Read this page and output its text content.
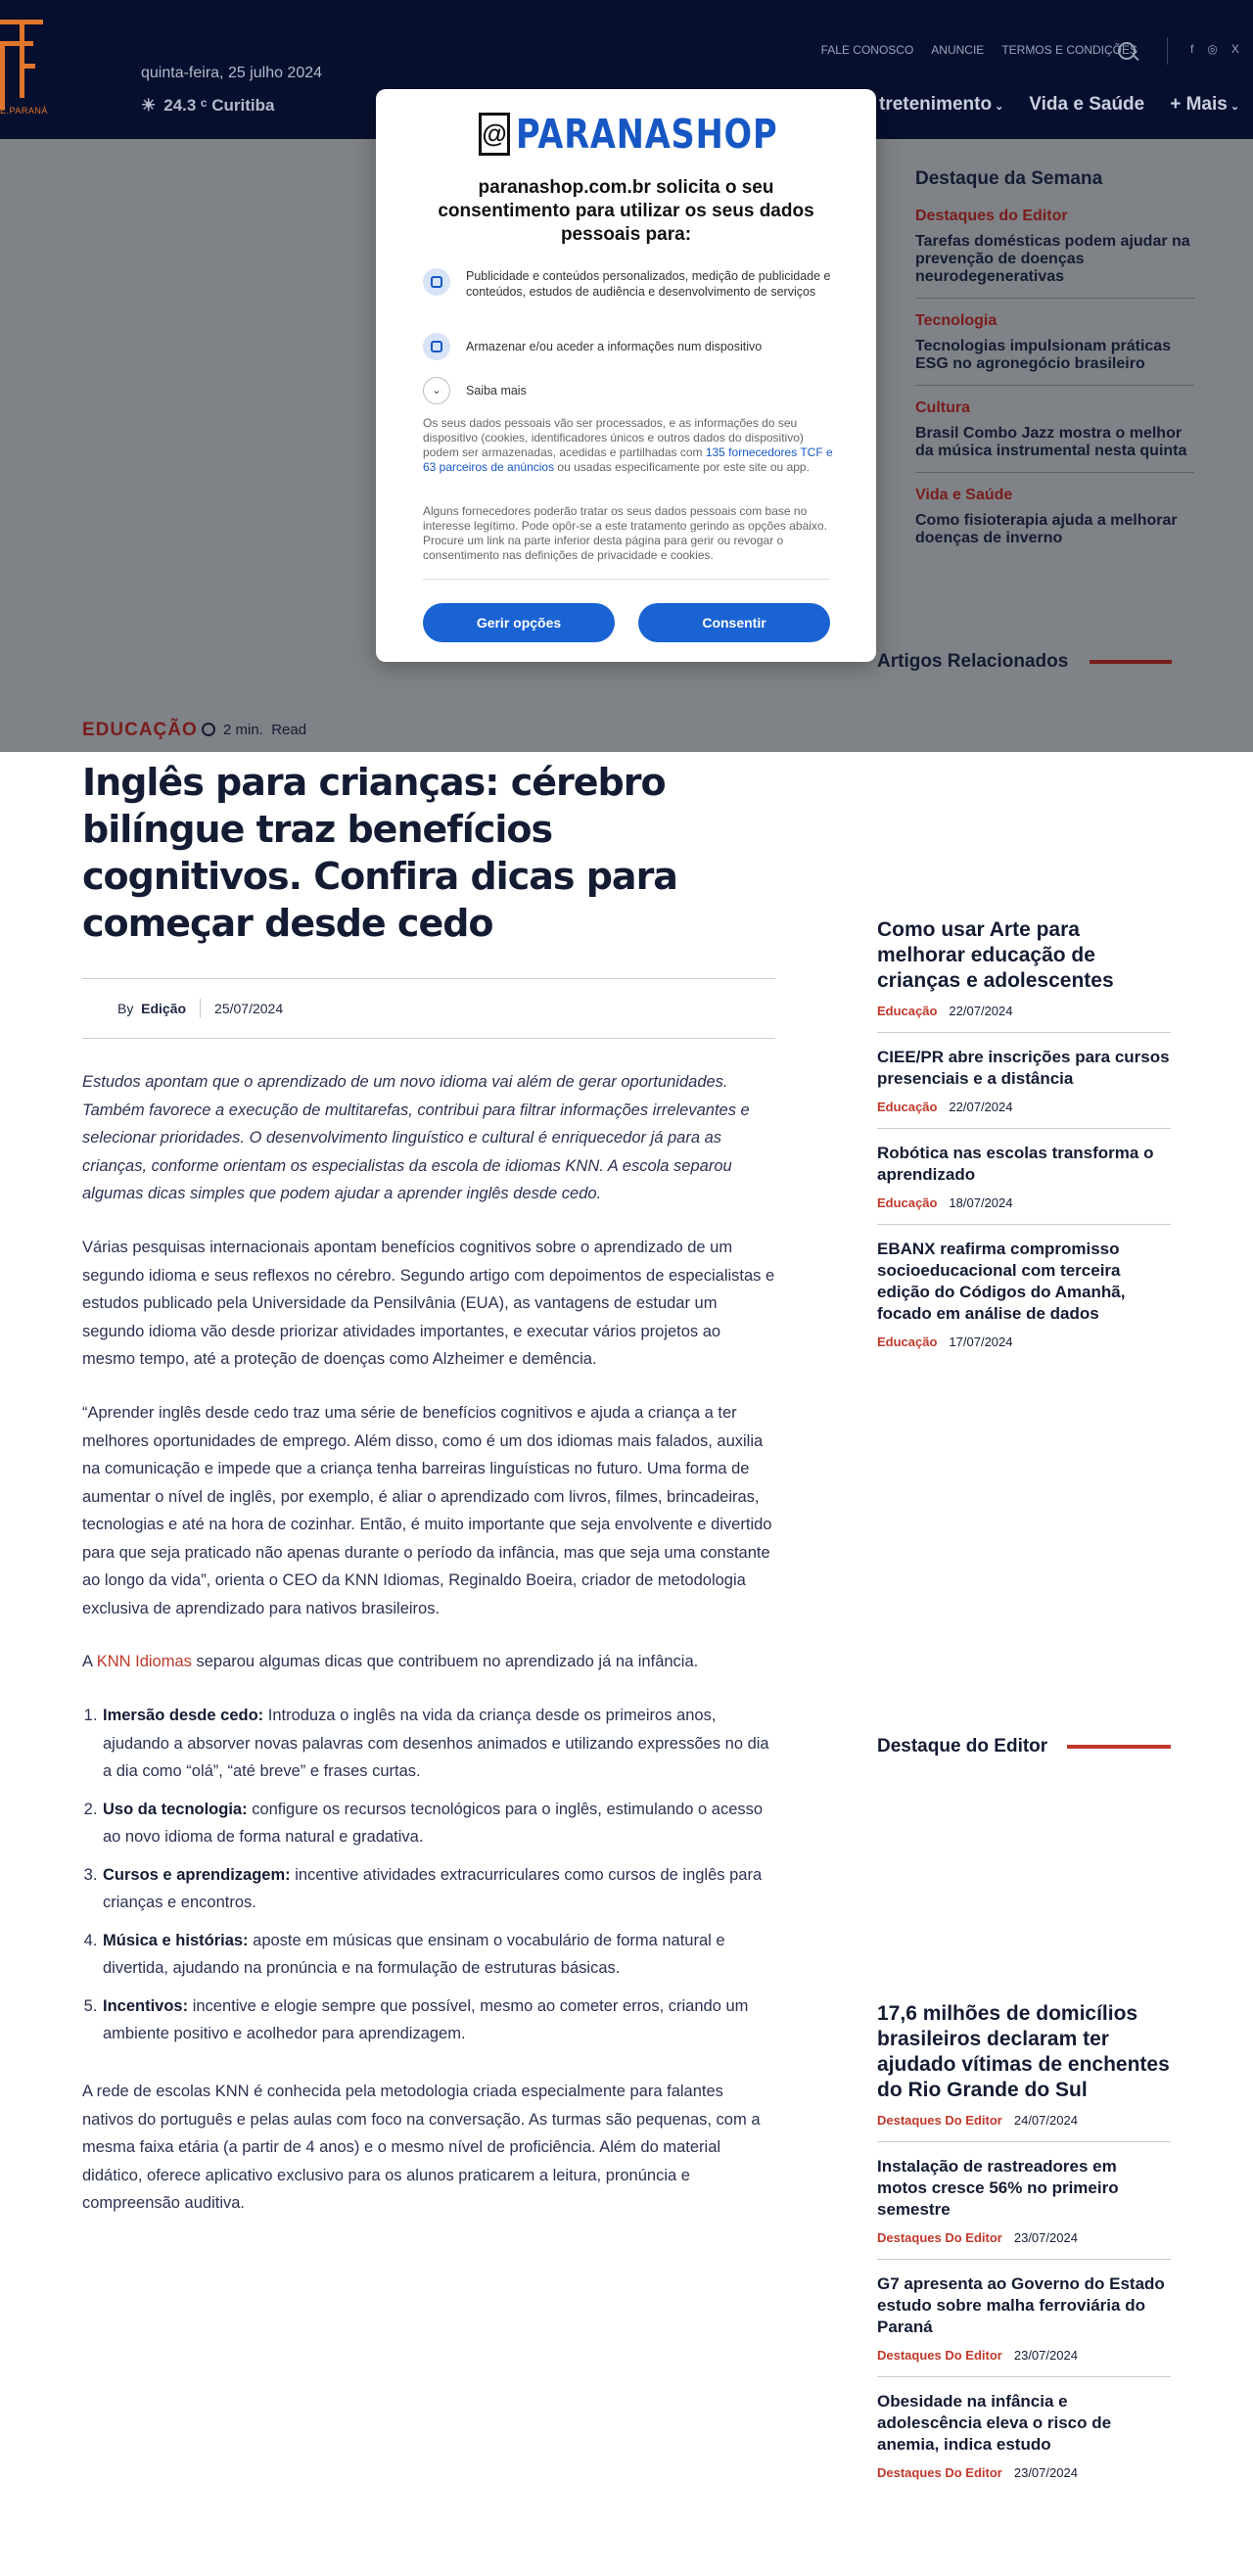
E.PARANÁ
quinta-feira, 25 julho 2024
☀ 24.3 ᶜ Curitiba
FALE CONOSCO ANUNCIE TERMOS E CONDIÇÕES	f ◎ X
tretenimento ⌄ Vida e Saúde + Mais ⌄
Destaque da Semana
Destaques do Editor
Tarefas domésticas podem ajudar na prevenção de doenças neurodegenerativas
Tecnologia
Tecnologias impulsionam práticas ESG no agronegócio brasileiro
Cultura
Brasil Combo Jazz mostra o melhor da música instrumental nesta quinta
Vida e Saúde
Como fisioterapia ajuda a melhorar doenças de inverno
Artigos Relacionados
EDUCAÇÃO	2 min. Read
@ PARANASHOP
paranashop.com.br solicita o seu consentimento para utilizar os seus dados pessoais para:
Publicidade e conteúdos personalizados, medição de publicidade e conteúdos, estudos de audiência e desenvolvimento de serviços
Armazenar e/ou aceder a informações num dispositivo
⌄	Saiba mais
Os seus dados pessoais vão ser processados, e as informações do seu dispositivo (cookies, identificadores únicos e outros dados do dispositivo) podem ser armazenadas, acedidas e partilhadas com 135 fornecedores TCF e 63 parceiros de anúncios ou usadas especificamente por este site ou app.
Alguns fornecedores poderão tratar os seus dados pessoais com base no interesse legítimo. Pode opôr-se a este tratamento gerindo as opções abaixo. Procure um link na parte inferior desta página para gerir ou revogar o consentimento nas definições de privacidade e cookies.
Gerir opções	Consentir
Inglês para crianças: cérebro bilíngue traz benefícios cognitivos. Confira dicas para começar desde cedo
By
Edição 25/07/2024

Estudos apontam que o aprendizado de um novo idioma vai além de gerar oportunidades. Também favorece a execução de multitarefas, contribui para filtrar informações irrelevantes e selecionar prioridades. O desenvolvimento linguístico e cultural é enriquecedor já para as crianças, conforme orientam os especialistas da escola de idiomas KNN. A escola separou algumas dicas simples que podem ajudar a aprender inglês desde cedo.

Várias pesquisas internacionais apontam benefícios cognitivos sobre o aprendizado de um segundo idioma e seus reflexos no cérebro. Segundo artigo com depoimentos de especialistas e estudos publicado pela Universidade da Pensilvânia (EUA), as vantagens de estudar um segundo idioma vão desde priorizar atividades importantes, e executar vários projetos ao mesmo tempo, até a proteção de doenças como Alzheimer e demência.

“Aprender inglês desde cedo traz uma série de benefícios cognitivos e ajuda a criança a ter melhores oportunidades de emprego. Além disso, como é um dos idiomas mais falados, auxilia na comunicação e impede que a criança tenha barreiras linguísticas no futuro. Uma forma de aumentar o nível de inglês, por exemplo, é aliar o aprendizado com livros, filmes, brincadeiras, tecnologias e até na hora de cozinhar. Então, é muito importante que seja envolvente e divertido para que seja praticado não apenas durante o período da infância, mas que seja uma constante ao longo da vida”, orienta o CEO da KNN Idiomas, Reginaldo Boeira, criador de metodologia exclusiva de aprendizado para nativos brasileiros.

A KNN Idiomas separou algumas dicas que contribuem no aprendizado já na infância.

1. Imersão desde cedo: Introduza o inglês na vida da criança desde os primeiros anos, ajudando a absorver novas palavras com desenhos animados e utilizando expressões no dia a dia como “olá”, “até breve” e frases curtas.
2. Uso da tecnologia: configure os recursos tecnológicos para o inglês, estimulando o acesso ao novo idioma de forma natural e gradativa.
3. Cursos e aprendizagem: incentive atividades extracurriculares como cursos de inglês para crianças e encontros.
4. Música e histórias: aposte em músicas que ensinam o vocabulário de forma natural e divertida, ajudando na pronúncia e na formulação de estruturas básicas.
5. Incentivos: incentive e elogie sempre que possível, mesmo ao cometer erros, criando um ambiente positivo e acolhedor para aprendizagem.

A rede de escolas KNN é conhecida pela metodologia criada especialmente para falantes nativos do português e pelas aulas com foco na conversação. As turmas são pequenas, com a mesma faixa etária (a partir de 4 anos) e o mesmo nível de proficiência. Além do material didático, oferece aplicativo exclusivo para os alunos praticarem a leitura, pronúncia e compreensão auditiva.

Como usar Arte para melhorar educação de crianças e adolescentes
Educação 22/07/2024
CIEE/PR abre inscrições para cursos presenciais e a distância
Educação 22/07/2024
Robótica nas escolas transforma o aprendizado
Educação 18/07/2024
EBANX reafirma compromisso socioeducacional com terceira edição do Códigos do Amanhã, focado em análise de dados
Educação 17/07/2024
Destaque do Editor
17,6 milhões de domicílios brasileiros declaram ter ajudado vítimas de enchentes do Rio Grande do Sul
Destaques Do Editor 24/07/2024
Instalação de rastreadores em motos cresce 56% no primeiro semestre
Destaques Do Editor 23/07/2024
G7 apresenta ao Governo do Estado estudo sobre malha ferroviária do Paraná
Destaques Do Editor 23/07/2024
Obesidade na infância e adolescência eleva o risco de anemia, indica estudo
Destaques Do Editor 23/07/2024
